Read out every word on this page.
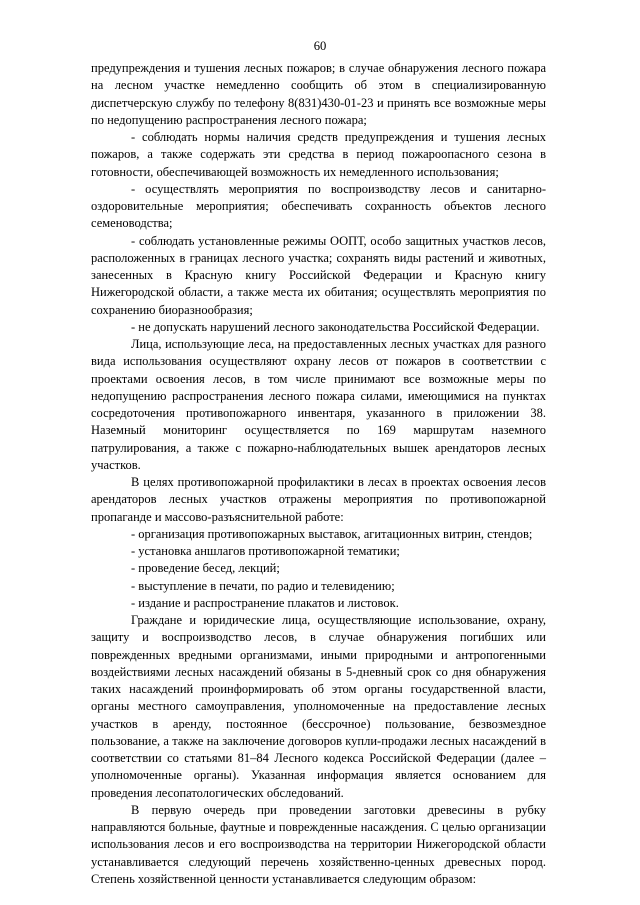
60

предупреждения и тушения лесных пожаров; в случае обнаружения лесного пожара на лесном участке немедленно сообщить об этом в специализированную диспетчерскую службу по телефону 8(831)430-01-23 и принять все возможные меры по недопущению распространения лесного пожара;

- соблюдать нормы наличия средств предупреждения и тушения лесных пожаров, а также содержать эти средства в период пожароопасного сезона в готовности, обеспечивающей возможность их немедленного использования;

- осуществлять мероприятия по воспроизводству лесов и санитарно-оздоровительные мероприятия; обеспечивать сохранность объектов лесного семеноводства;

- соблюдать установленные режимы ООПТ, особо защитных участков лесов, расположенных в границах лесного участка; сохранять виды растений и животных, занесенных в Красную книгу Российской Федерации и Красную книгу Нижегородской области, а также места их обитания; осуществлять мероприятия по сохранению биоразнообразия;

- не допускать нарушений лесного законодательства Российской Федерации.

Лица, использующие леса, на предоставленных лесных участках для разного вида использования осуществляют охрану лесов от пожаров в соответствии с проектами освоения лесов, в том числе принимают все возможные меры по недопущению распространения лесного пожара силами, имеющимися на пунктах сосредоточения противопожарного инвентаря, указанного в приложении 38. Наземный мониторинг осуществляется по 169 маршрутам наземного патрулирования, а также с пожарно-наблюдательных вышек арендаторов лесных участков.

В целях противопожарной профилактики в лесах в проектах освоения лесов арендаторов лесных участков отражены мероприятия по противопожарной пропаганде и массово-разъяснительной работе:

- организация противопожарных выставок, агитационных витрин, стендов;

- установка аншлагов противопожарной тематики;

- проведение бесед, лекций;

- выступление в печати, по радио и телевидению;

- издание и распространение плакатов и листовок.

Граждане и юридические лица, осуществляющие использование, охрану, защиту и воспроизводство лесов, в случае обнаружения погибших или поврежденных вредными организмами, иными природными и антропогенными воздействиями лесных насаждений обязаны в 5-дневный срок со дня обнаружения таких насаждений проинформировать об этом органы государственной власти, органы местного самоуправления, уполномоченные на предоставление лесных участков в аренду, постоянное (бессрочное) пользование, безвозмездное пользование, а также на заключение договоров купли-продажи лесных насаждений в соответствии со статьями 81–84 Лесного кодекса Российской Федерации (далее – уполномоченные органы). Указанная информация является основанием для проведения лесопатологических обследований.

В первую очередь при проведении заготовки древесины в рубку направляются больные, фаутные и поврежденные насаждения. С целью организации использования лесов и его воспроизводства на территории Нижегородской области устанавливается следующий перечень хозяйственно-ценных древесных пород. Степень хозяйственной ценности устанавливается следующим образом:
